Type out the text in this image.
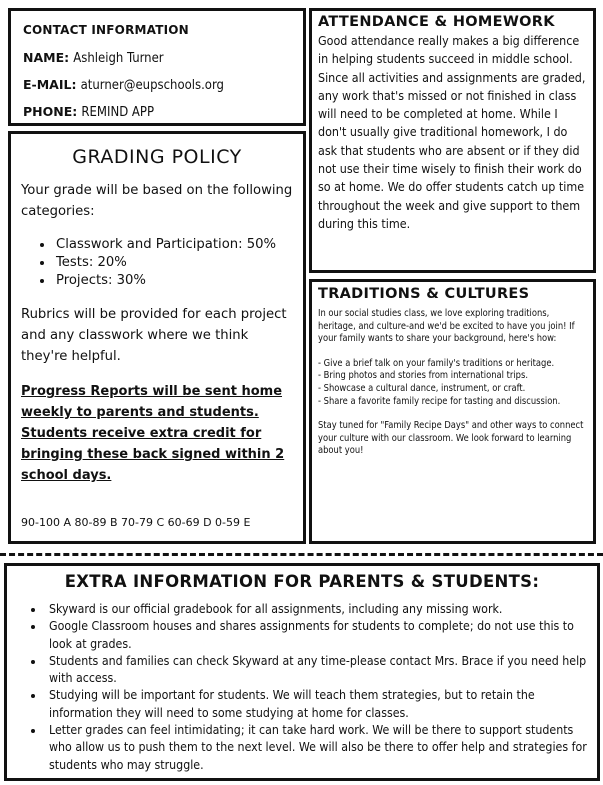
CONTACT INFORMATION
NAME: Ashleigh Turner
E-MAIL: aturner@eupschools.org
PHONE: REMIND APP
ATTENDANCE & HOMEWORK

Good attendance really makes a big difference in helping students succeed in middle school. Since all activities and assignments are graded, any work that's missed or not finished in class will need to be completed at home. While I don't usually give traditional homework, I do ask that students who are absent or if they did not use their time wisely to finish their work do so at home. We do offer students catch up time throughout the week and give support to them during this time.

GRADING POLICY

Your grade will be based on the following categories:

• Classwork and Participation: 50%
• Tests: 20%
• Projects: 30%

Rubrics will be provided for each project and any classwork where we think they're helpful.

Progress Reports will be sent home weekly to parents and students. Students receive extra credit for bringing these back signed within 2 school days.

90-100 A 80-89 B 70-79 C 60-69 D 0-59 E
TRADITIONS & CULTURES

In our social studies class, we love exploring traditions, heritage, and culture-and we'd be excited to have you join! If your family wants to share your background, here's how:

- Give a brief talk on your family's traditions or heritage.
- Bring photos and stories from international trips.
- Showcase a cultural dance, instrument, or craft.
- Share a favorite family recipe for tasting and discussion.

Stay tuned for "Family Recipe Days" and other ways to connect your culture with our classroom. We look forward to learning about you!

EXTRA INFORMATION FOR PARENTS & STUDENTS:
• Skyward is our official gradebook for all assignments, including any missing work.
• Google Classroom houses and shares assignments for students to complete; do not use this to look at grades.
• Students and families can check Skyward at any time-please contact Mrs. Brace if you need help with access.
• Studying will be important for students. We will teach them strategies, but to retain the information they will need to some studying at home for classes.
• Letter grades can feel intimidating; it can take hard work. We will be there to support students who allow us to push them to the next level. We will also be there to offer help and strategies for students who may struggle.
